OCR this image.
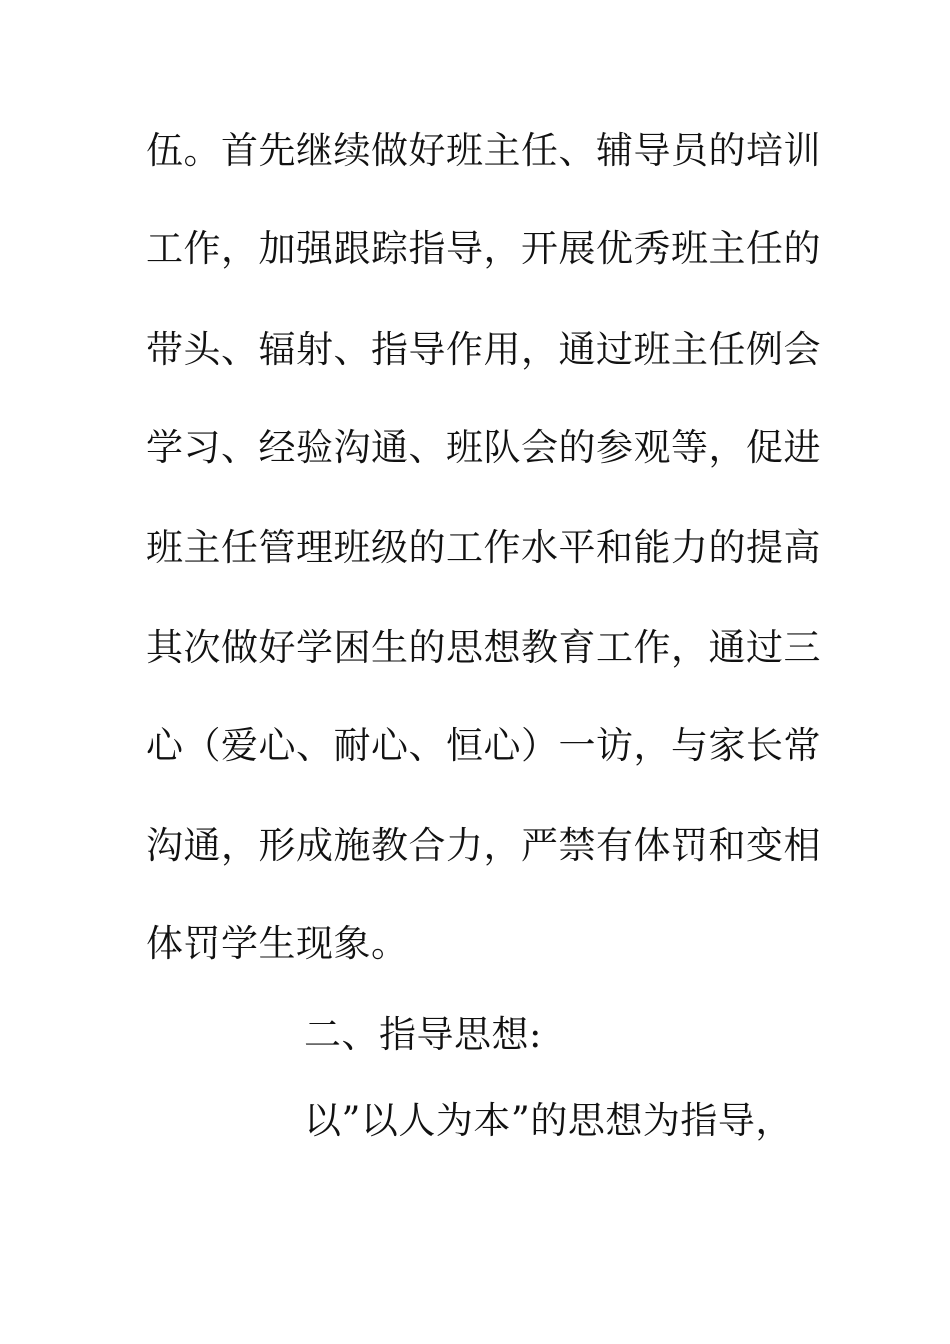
伍。首先继续做好班主任、辅导员的培训
工作，加强跟踪指导，开展优秀班主任的
带头、辐射、指导作用，通过班主任例会
学习、经验沟通、班队会的参观等，促进
班主任管理班级的工作水平和能力的提高
其次做好学困生的思想教育工作，通过三
心（爱心、耐心、恒心）一访，与家长常
沟通，形成施教合力，严禁有体罚和变相
体罚学生现象。
二、指导思想:
以”以人为本”的思想为指导，
